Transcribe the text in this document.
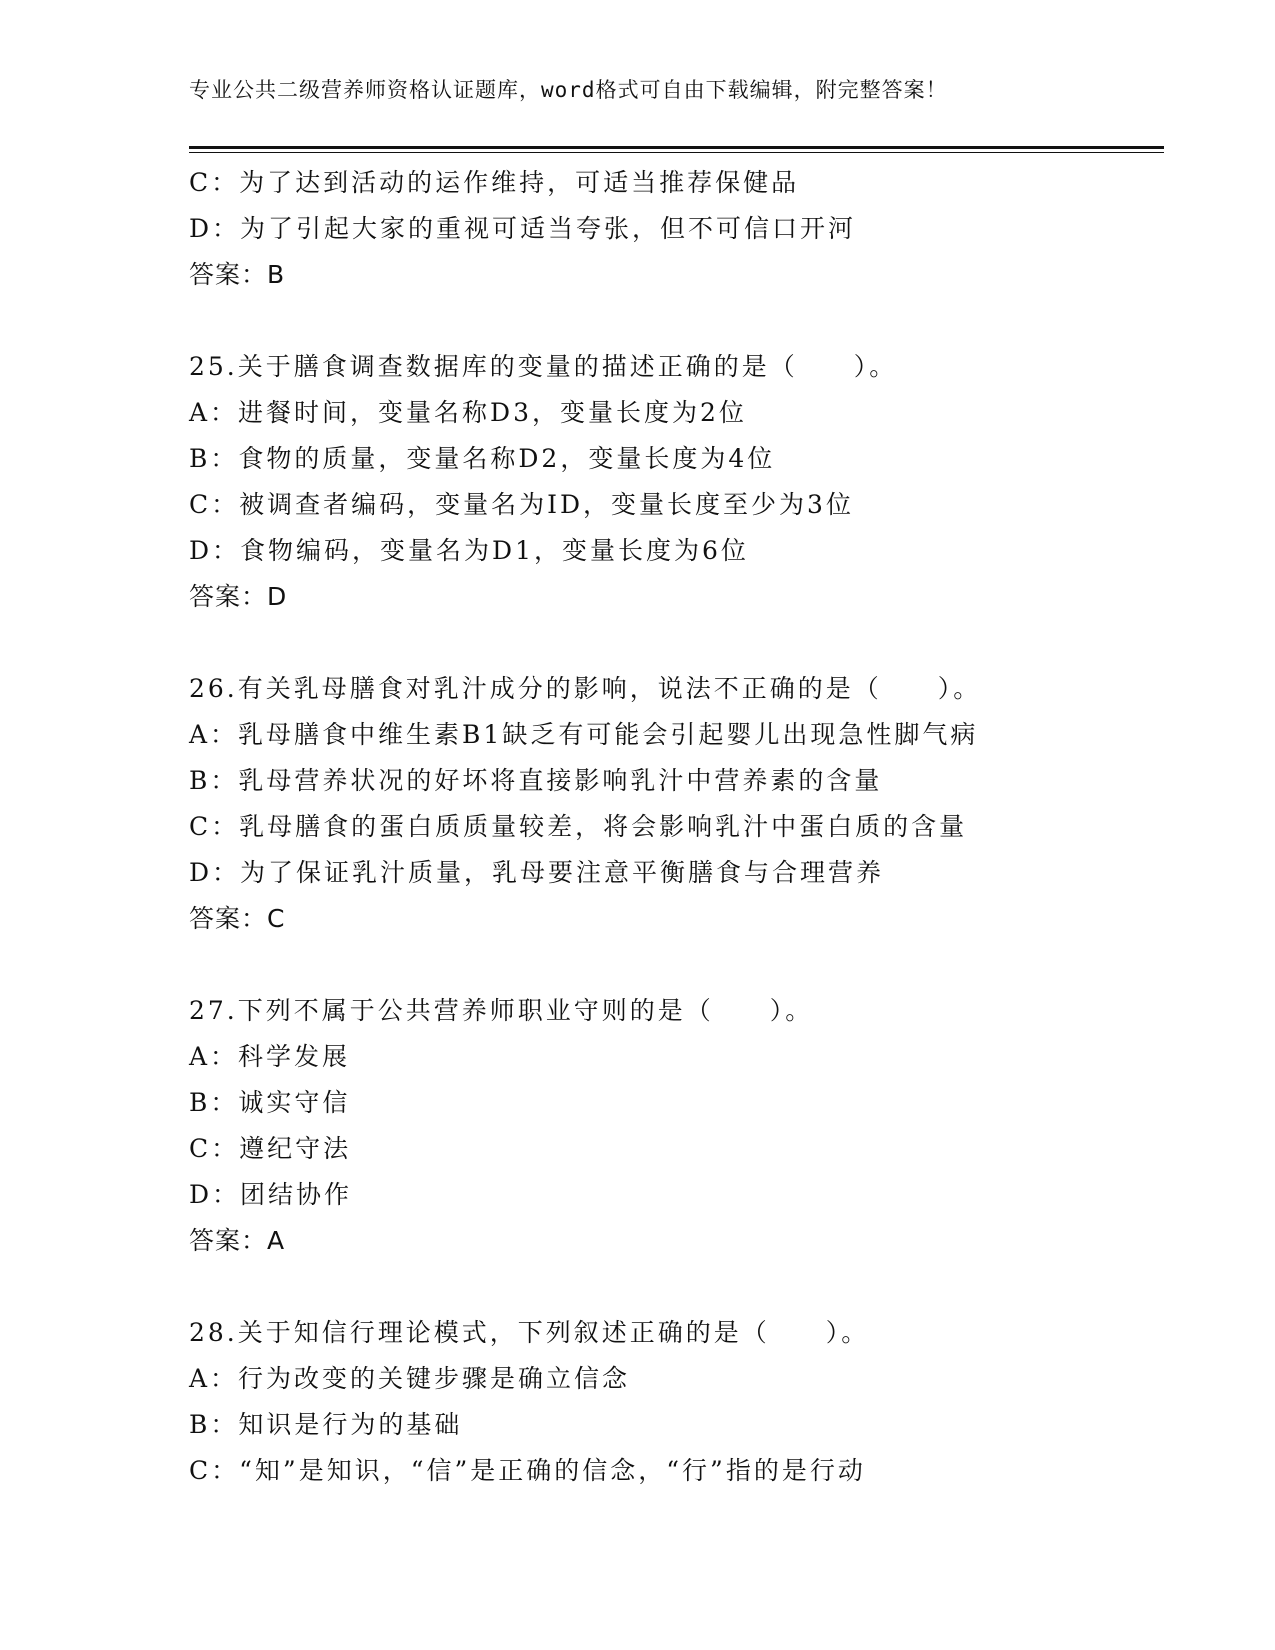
专业公共二级营养师资格认证题库，word格式可自由下载编辑，附完整答案！
C：为了达到活动的运作维持，可适当推荐保健品
D：为了引起大家的重视可适当夸张，但不可信口开河
答案：B
25.关于膳食调查数据库的变量的描述正确的是（　　）。
A：进餐时间，变量名称D3，变量长度为2位
B：食物的质量，变量名称D2，变量长度为4位
C：被调查者编码，变量名为ID，变量长度至少为3位
D：食物编码，变量名为D1，变量长度为6位
答案：D
26.有关乳母膳食对乳汁成分的影响，说法不正确的是（　　）。
A：乳母膳食中维生素B1缺乏有可能会引起婴儿出现急性脚气病
B：乳母营养状况的好坏将直接影响乳汁中营养素的含量
C：乳母膳食的蛋白质质量较差，将会影响乳汁中蛋白质的含量
D：为了保证乳汁质量，乳母要注意平衡膳食与合理营养
答案：C
27.下列不属于公共营养师职业守则的是（　　）。
A：科学发展
B：诚实守信
C：遵纪守法
D：团结协作
答案：A
28.关于知信行理论模式，下列叙述正确的是（　　）。
A：行为改变的关键步骤是确立信念
B：知识是行为的基础
C：“知”是知识，“信”是正确的信念，“行”指的是行动
